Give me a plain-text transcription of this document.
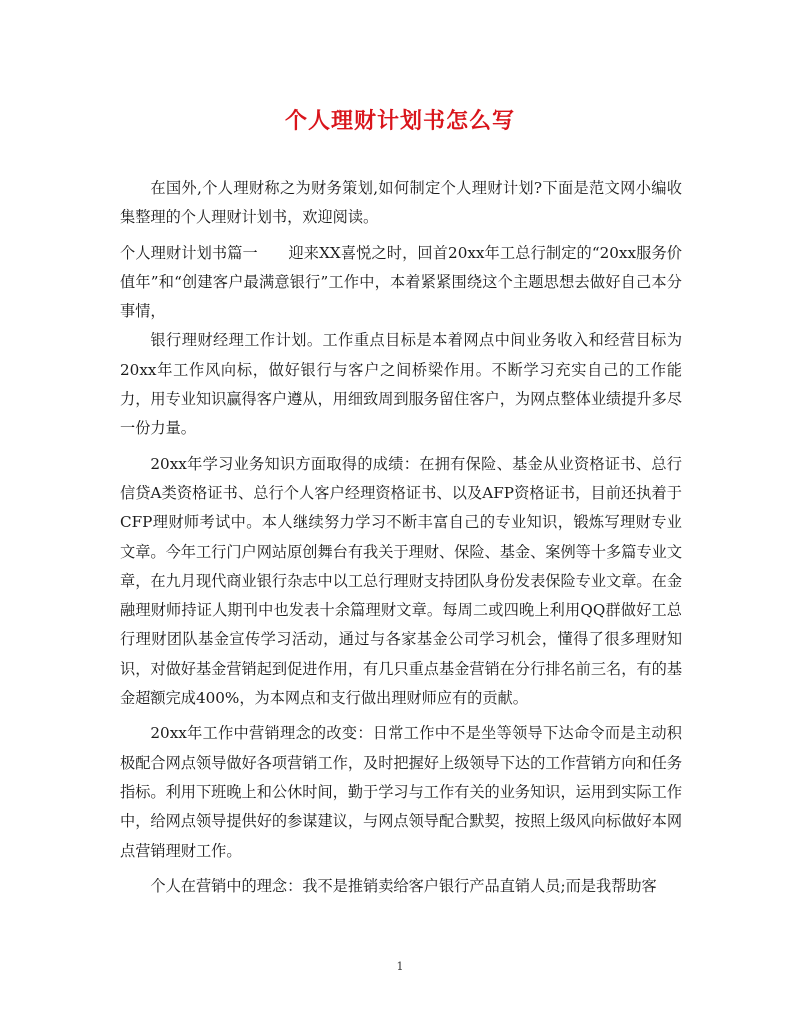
个人理财计划书怎么写

在国外,个人理财称之为财务策划,如何制定个人理财计划?下面是范文网小编收集整理的个人理财计划书，欢迎阅读。

个人理财计划书篇一　　迎来XX喜悦之时，回首20xx年工总行制定的“20xx服务价值年”和“创建客户最满意银行”工作中，本着紧紧围绕这个主题思想去做好自己本分事情，

银行理财经理工作计划。工作重点目标是本着网点中间业务收入和经营目标为20xx年工作风向标，做好银行与客户之间桥梁作用。不断学习充实自己的工作能力，用专业知识赢得客户遵从，用细致周到服务留住客户，为网点整体业绩提升多尽一份力量。

20xx年学习业务知识方面取得的成绩：在拥有保险、基金从业资格证书、总行信贷A类资格证书、总行个人客户经理资格证书、以及AFP资格证书，目前还执着于CFP理财师考试中。本人继续努力学习不断丰富自己的专业知识，锻炼写理财专业文章。今年工行门户网站原创舞台有我关于理财、保险、基金、案例等十多篇专业文章，在九月现代商业银行杂志中以工总行理财支持团队身份发表保险专业文章。在金融理财师持证人期刊中也发表十余篇理财文章。每周二或四晚上利用QQ群做好工总行理财团队基金宣传学习活动，通过与各家基金公司学习机会，懂得了很多理财知识，对做好基金营销起到促进作用，有几只重点基金营销在分行排名前三名，有的基金超额完成400%，为本网点和支行做出理财师应有的贡献。

20xx年工作中营销理念的改变：日常工作中不是坐等领导下达命令而是主动积极配合网点领导做好各项营销工作，及时把握好上级领导下达的工作营销方向和任务指标。利用下班晚上和公休时间，勤于学习与工作有关的业务知识，运用到实际工作中，给网点领导提供好的参谋建议，与网点领导配合默契，按照上级风向标做好本网点营销理财工作。

个人在营销中的理念：我不是推销卖给客户银行产品直销人员;而是我帮助客

1
